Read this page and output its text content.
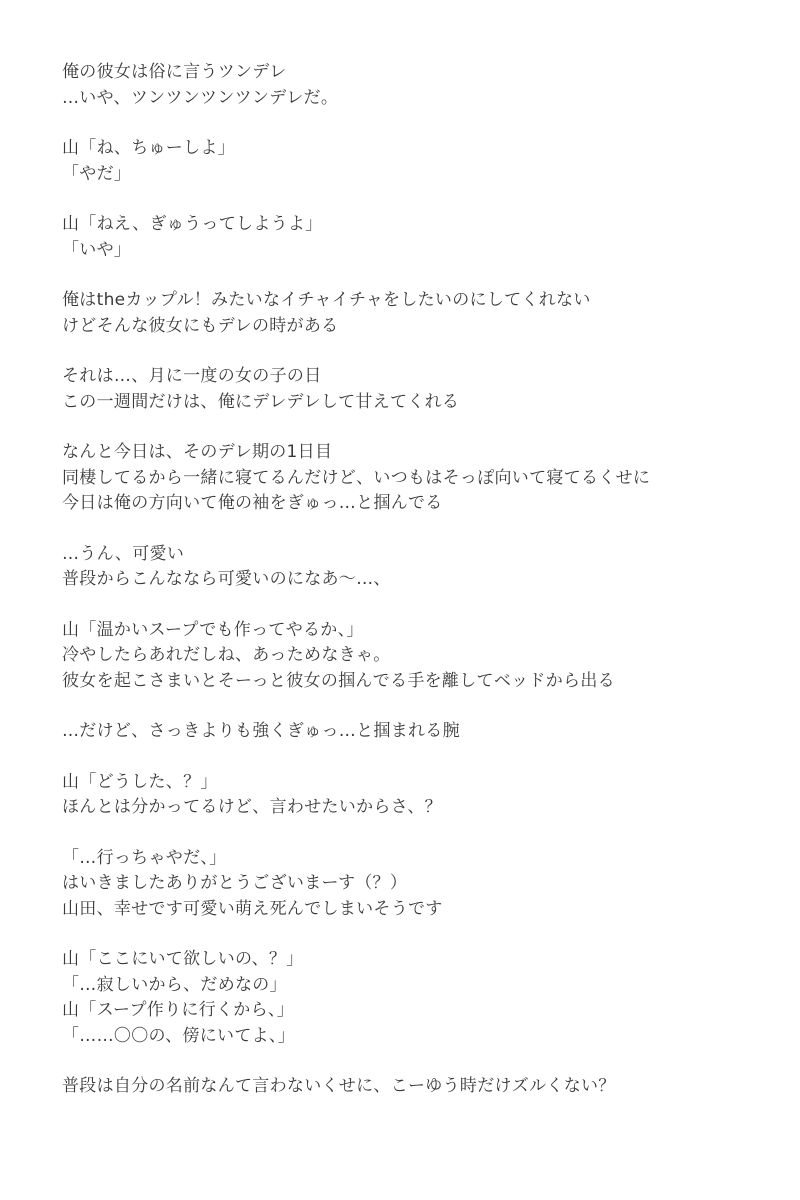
俺の彼女は俗に言うツンデレ
…いや、ツンツンツンツンデレだ。
山「ね、ちゅーしよ」
「やだ」
山「ねえ、ぎゅうってしようよ」
「いや」
俺はtheカップル！みたいなイチャイチャをしたいのにしてくれない
けどそんな彼女にもデレの時がある
それは…、月に一度の女の子の日
この一週間だけは、俺にデレデレして甘えてくれる
なんと今日は、そのデレ期の1日目
同棲してるから一緒に寝てるんだけど、いつもはそっぽ向いて寝てるくせに
今日は俺の方向いて俺の袖をぎゅっ…と掴んでる
…うん、可愛い
普段からこんななら可愛いのになあ〜…、
山「温かいスープでも作ってやるか、」
冷やしたらあれだしね、あっためなきゃ。
彼女を起こさまいとそーっと彼女の掴んでる手を離してベッドから出る
…だけど、さっきよりも強くぎゅっ…と掴まれる腕
山「どうした、？」
ほんとは分かってるけど、言わせたいからさ、？
「…行っちゃやだ、」
はいきましたありがとうございまーす（？）
山田、幸せです可愛い萌え死んでしまいそうです
山「ここにいて欲しいの、？」
「…寂しいから、だめなの」
山「スープ作りに行くから、」
「……〇〇の、傍にいてよ、」
普段は自分の名前なんて言わないくせに、こーゆう時だけズルくない？
